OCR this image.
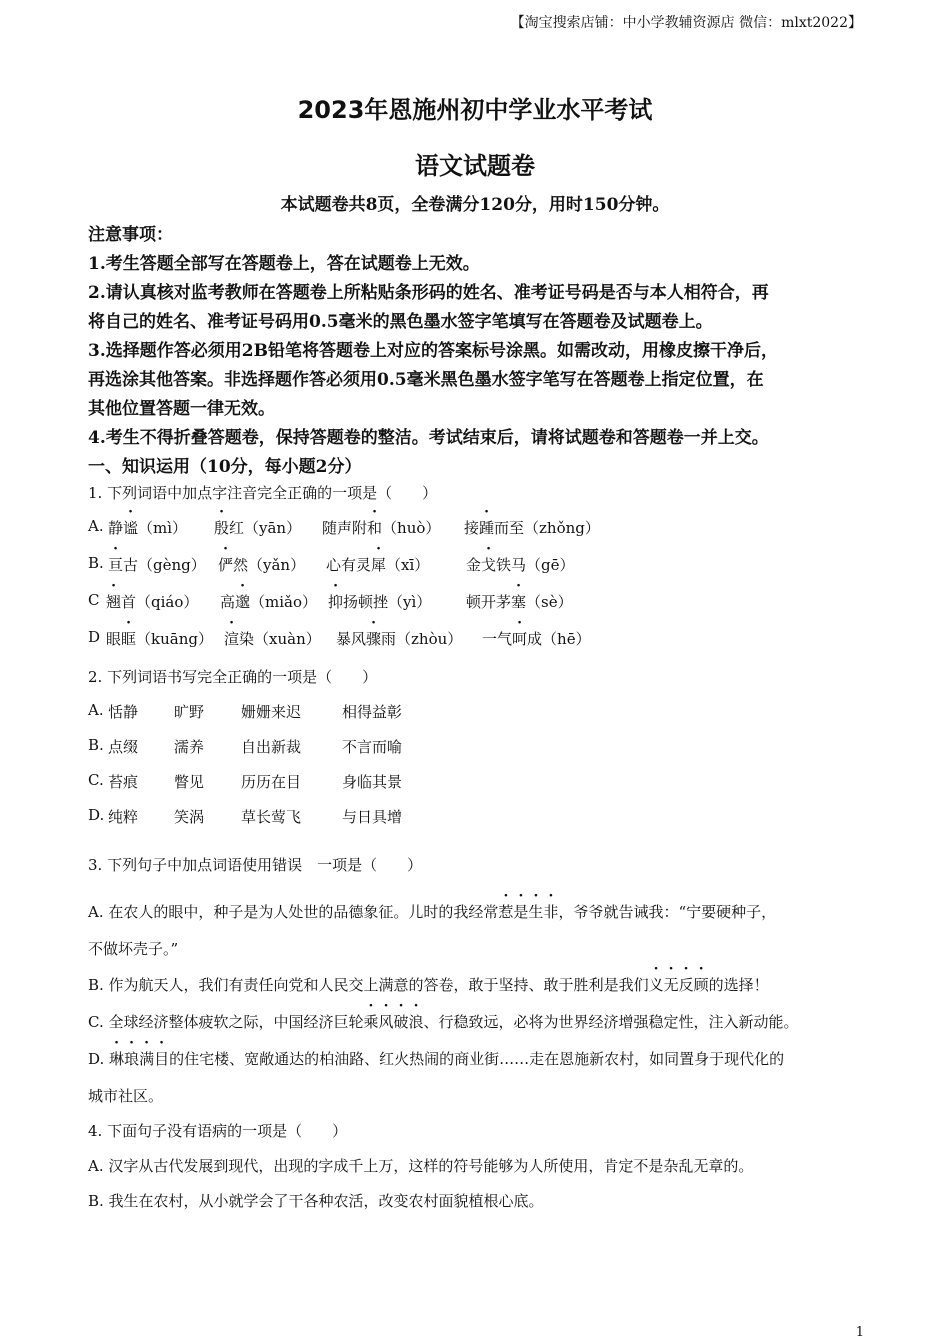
【淘宝搜索店铺：中小学教辅资源店 微信：mlxt2022】
2023年恩施州初中学业水平考试
语文试题卷
本试题卷共8页，全卷满分120分，用时150分钟。
注意事项：
1.考生答题全部写在答题卷上，答在试题卷上无效。
2.请认真核对监考教师在答题卷上所粘贴条形码的姓名、准考证号码是否与本人相符合，再
将自己的姓名、准考证号码用0.5毫米的黑色墨水签字笔填写在答题卷及试题卷上。
3.选择题作答必须用2B铅笔将答题卷上对应的答案标号涂黑。如需改动，用橡皮擦干净后，
再选涂其他答案。非选择题作答必须用0.5毫米黑色墨水签字笔写在答题卷上指定位置，在
其他位置答题一律无效。
4.考生不得折叠答题卷，保持答题卷的整洁。考试结束后，请将试题卷和答题卷一并上交。
一、知识运用（10分，每小题2分）
1. 下列词语中加点字注音完全正确的一项是（　　）
A. 静谧（mì） 殷红（yān） 随声附和（huò） 接踵而至（zhǒng）
B. 亘古（gèng） 俨然（yǎn） 心有灵犀（xī） 金戈铁马（gē）
C 翘首（qiáo） 高邈（miǎo） 抑扬顿挫（yì） 顿开茅塞（sè）
D 眼眶（kuāng） 渲染（xuàn） 暴风骤雨（zhòu） 一气呵成（hē）
2. 下列词语书写完全正确的一项是（　　）
A. 恬静 旷野 姗姗来迟	相得益彰
B. 点缀 濡养 自出新裁	不言而喻
C. 苔痕 瞥见 历历在目	身临其景
D. 纯粹 笑涡 草长莺飞	与日具增
3. 下列句子中加点词语使用错误　一项是（　　）
A. 在农人的眼中，种子是为人处世的品德象征。儿时的我经常惹是生非，爷爷就告诫我：“宁要硬种子，
不做坏壳子。”
B. 作为航天人，我们有责任向党和人民交上满意的答卷，敢于坚持、敢于胜利是我们义无反顾的选择！
C. 全球经济整体疲软之际，中国经济巨轮乘风破浪、行稳致远，必将为世界经济增强稳定性，注入新动能。
D. 琳琅满目的住宅楼、宽敞通达的柏油路、红火热闹的商业街……走在恩施新农村，如同置身于现代化的
城市社区。
4. 下面句子没有语病的一项是（　　）
A. 汉字从古代发展到现代，出现的字成千上万，这样的符号能够为人所使用，肯定不是杂乱无章的。
B. 我生在农村，从小就学会了干各种农活，改变农村面貌植根心底。
1
